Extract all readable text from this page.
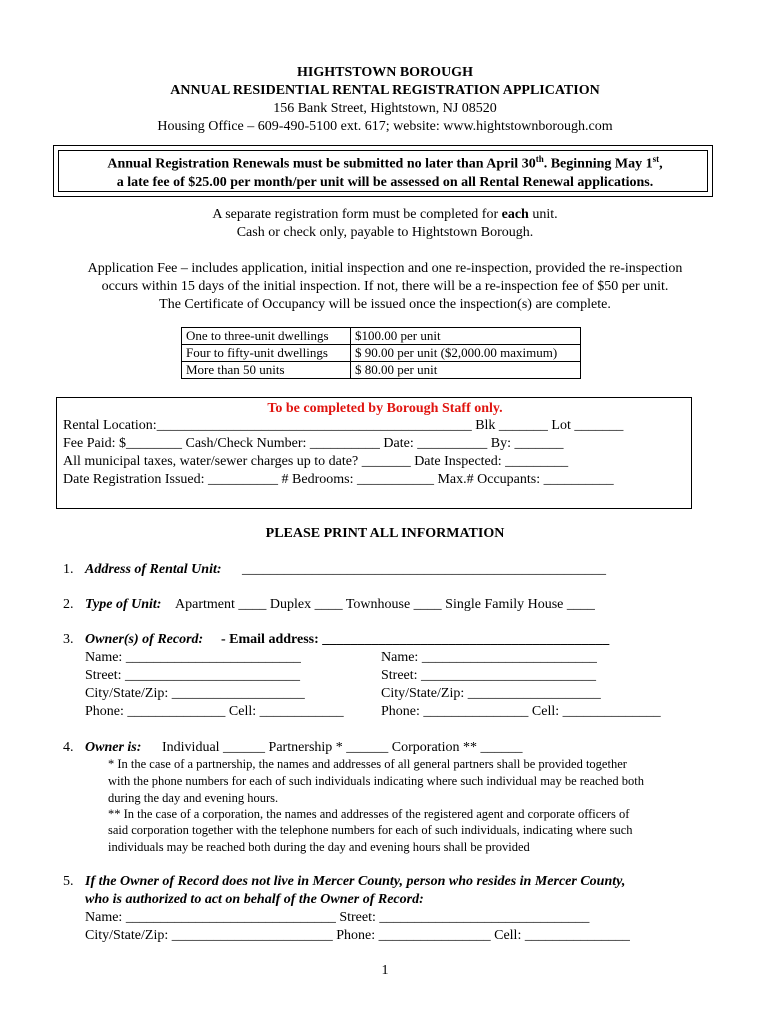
HIGHTSTOWN BOROUGH
ANNUAL RESIDENTIAL RENTAL REGISTRATION APPLICATION
156 Bank Street, Hightstown, NJ 08520
Housing Office – 609-490-5100 ext. 617; website: www.hightstownborough.com
Annual Registration Renewals must be submitted no later than April 30th. Beginning May 1st,
a late fee of $25.00 per month/per unit will be assessed on all Rental Renewal applications.
A separate registration form must be completed for each unit.
Cash or check only, payable to Hightstown Borough.
Application Fee – includes application, initial inspection and one re-inspection, provided the re-inspection
occurs within 15 days of the initial inspection. If not, there will be a re-inspection fee of $50 per unit.
The Certificate of Occupancy will be issued once the inspection(s) are complete.
One to three-unit dwellings	$100.00 per unit
Four to fifty-unit dwellings	$ 90.00 per unit ($2,000.00 maximum)
More than 50 units	$ 80.00 per unit
To be completed by Borough Staff only.
Rental Location:_____________________________________________ Blk _______ Lot _______
Fee Paid: $________ Cash/Check Number: __________ Date: __________ By: _______
All municipal taxes, water/sewer charges up to date? _______ Date Inspected: _________
Date Registration Issued: __________ # Bedrooms: ___________ Max.# Occupants: __________
PLEASE PRINT ALL INFORMATION
1. Address of Rental Unit: ____________________________________________________
2. Type of Unit: Apartment ____ Duplex ____ Townhouse ____ Single Family House ____
3. Owner(s) of Record: - Email address: _________________________________________
Name: _________________________
Street: _________________________
City/State/Zip: ___________________
Phone: ______________ Cell: ____________
Name: _________________________
Street: _________________________
City/State/Zip: ___________________
Phone: _______________ Cell: ______________
4. Owner is: Individual ______ Partnership * ______ Corporation ** ______
* In the case of a partnership, the names and addresses of all general partners shall be provided together
with the phone numbers for each of such individuals indicating where such individual may be reached both
during the day and evening hours.
** In the case of a corporation, the names and addresses of the registered agent and corporate officers of
said corporation together with the telephone numbers for each of such individuals, indicating where such
individuals may be reached both during the day and evening hours shall be provided
5. If the Owner of Record does not live in Mercer County, person who resides in Mercer County,
who is authorized to act on behalf of the Owner of Record:
Name: ______________________________ Street: ______________________________
City/State/Zip: _______________________ Phone: ________________ Cell: _______________
1
